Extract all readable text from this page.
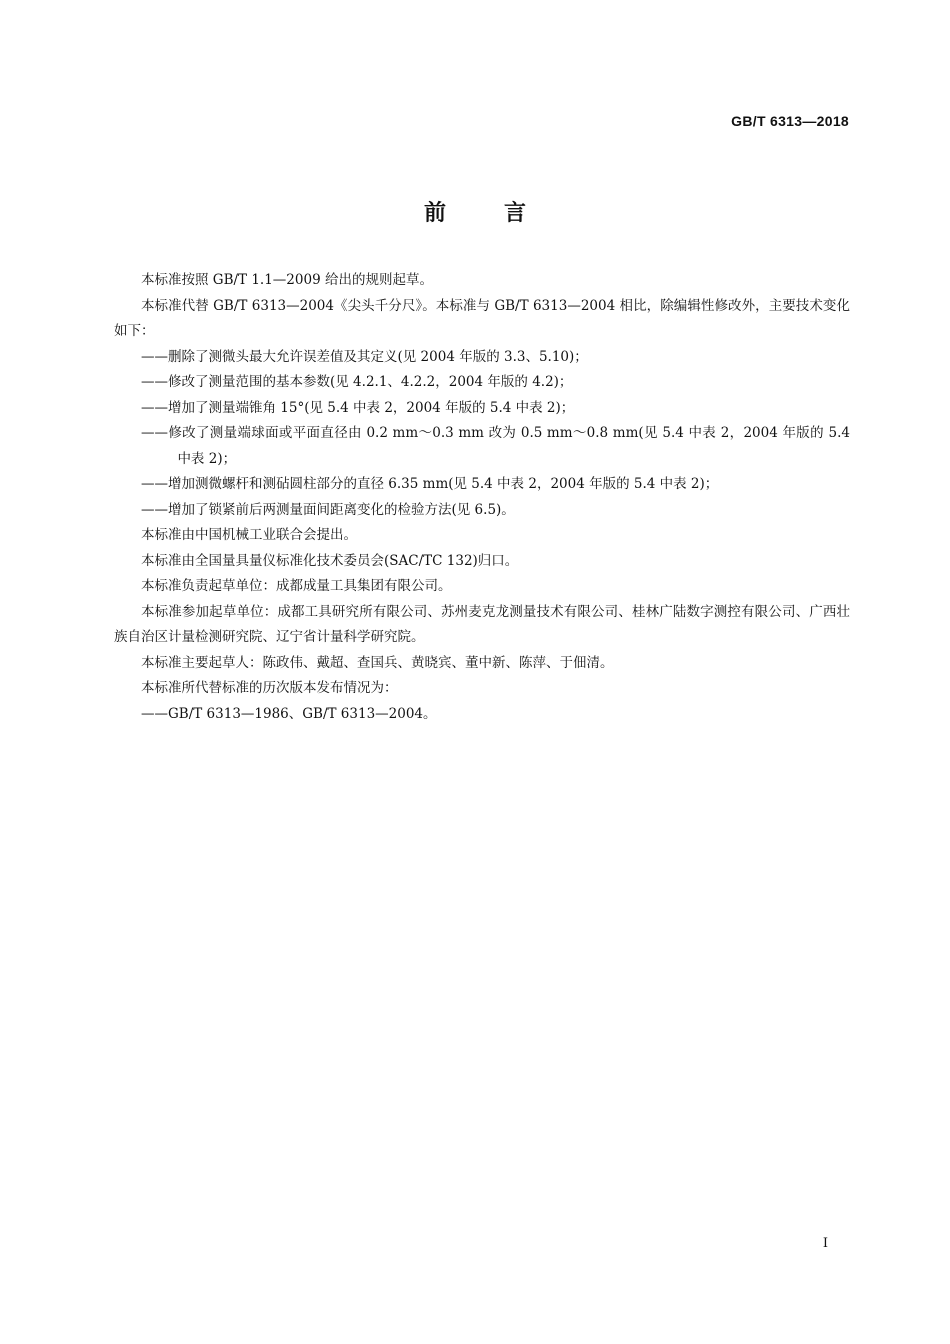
GB/T 6313—2018
前言

本标准按照 GB/T 1.1—2009 给出的规则起草。

本标准代替 GB/T 6313—2004《尖头千分尺》。本标准与 GB/T 6313—2004 相比，除编辑性修改外，主要技术变化如下：

——删除了测微头最大允许误差值及其定义(见 2004 年版的 3.3、5.10)；

——修改了测量范围的基本参数(见 4.2.1、4.2.2，2004 年版的 4.2)；

——增加了测量端锥角 15°(见 5.4 中表 2，2004 年版的 5.4 中表 2)；

——修改了测量端球面或平面直径由 0.2 mm～0.3 mm 改为 0.5 mm～0.8 mm(见 5.4 中表 2，2004 年版的 5.4 中表 2)；

——增加测微螺杆和测砧圆柱部分的直径 6.35 mm(见 5.4 中表 2，2004 年版的 5.4 中表 2)；

——增加了锁紧前后两测量面间距离变化的检验方法(见 6.5)。

本标准由中国机械工业联合会提出。

本标准由全国量具量仪标准化技术委员会(SAC/TC 132)归口。

本标准负责起草单位：成都成量工具集团有限公司。

本标准参加起草单位：成都工具研究所有限公司、苏州麦克龙测量技术有限公司、桂林广陆数字测控有限公司、广西壮族自治区计量检测研究院、辽宁省计量科学研究院。

本标准主要起草人：陈政伟、戴超、查国兵、黄晓宾、董中新、陈萍、于佃清。

本标准所代替标准的历次版本发布情况为：

——GB/T 6313—1986、GB/T 6313—2004。

I
